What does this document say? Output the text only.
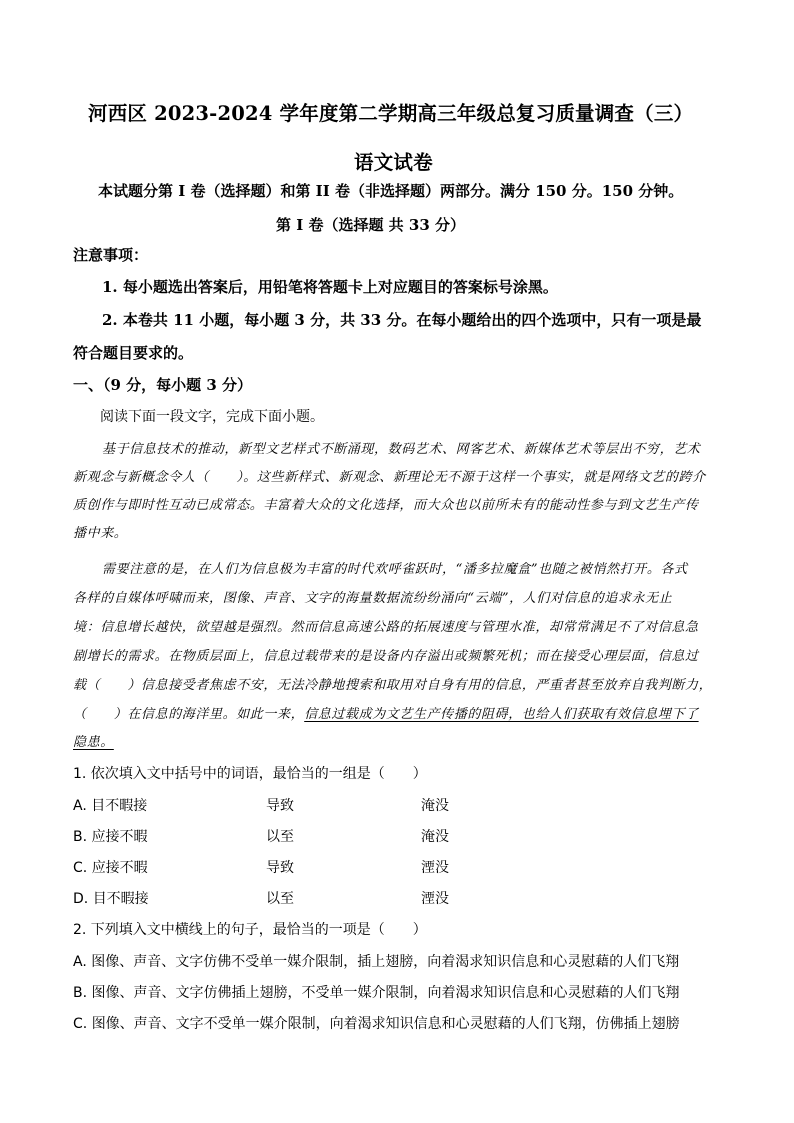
河西区 2023-2024 学年度第二学期高三年级总复习质量调查（三）
语文试卷
本试题分第 I 卷（选择题）和第 II 卷（非选择题）两部分。满分 150 分。150 分钟。
第 I 卷（选择题 共 33 分）
注意事项：
1. 每小题选出答案后，用铅笔将答题卡上对应题目的答案标号涂黑。
2. 本卷共 11 小题，每小题 3 分，共 33 分。在每小题给出的四个选项中，只有一项是最
符合题目要求的。
一、（9 分，每小题 3 分）
阅读下面一段文字，完成下面小题。
基于信息技术的推动，新型文艺样式不断涌现，数码艺术、网客艺术、新媒体艺术等层出不穷，艺术
新观念与新概念令人（　　）。这些新样式、新观念、新理论无不源于这样一个事实，就是网络文艺的跨介
质创作与即时性互动已成常态。丰富着大众的文化选择，而大众也以前所未有的能动性参与到文艺生产传
播中来。
需要注意的是，在人们为信息极为丰富的时代欢呼雀跃时，“潘多拉魔盒”也随之被悄然打开。各式
各样的自媒体呼啸而来，图像、声音、文字的海量数据流纷纷涌向“云端”，人们对信息的追求永无止
境：信息增长越快，欲望越是强烈。然而信息高速公路的拓展速度与管理水准，却常常满足不了对信息急
剧增长的需求。在物质层面上，信息过载带来的是设备内存溢出或频繁死机；而在接受心理层面，信息过
载（　　）信息接受者焦虑不安，无法冷静地搜索和取用对自身有用的信息，严重者甚至放弃自我判断力，
（　　）在信息的海洋里。如此一来，信息过载成为文艺生产传播的阻碍，也给人们获取有效信息埋下了
隐患。
1. 依次填入文中括号中的词语，最恰当的一组是（　　）
A. 目不暇接	导致	淹没
B. 应接不暇	以至	淹没
C. 应接不暇	导致	湮没
D. 目不暇接	以至	湮没
2. 下列填入文中横线上的句子，最恰当的一项是（　　）
A. 图像、声音、文字仿佛不受单一媒介限制，插上翅膀，向着渴求知识信息和心灵慰藉的人们飞翔
B. 图像、声音、文字仿佛插上翅膀，不受单一媒介限制，向着渴求知识信息和心灵慰藉的人们飞翔
C. 图像、声音、文字不受单一媒介限制，向着渴求知识信息和心灵慰藉的人们飞翔，仿佛插上翅膀
